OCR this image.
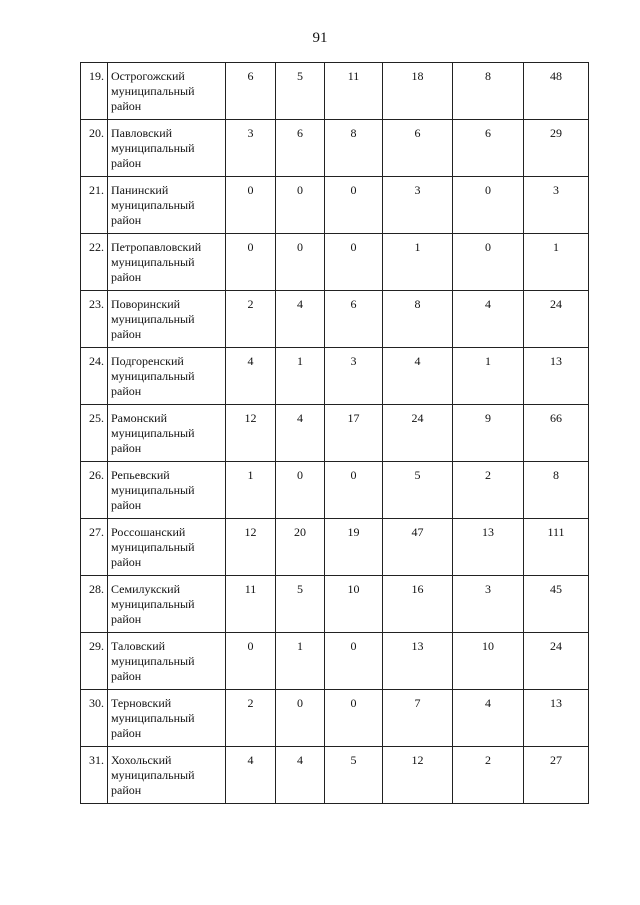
91
19.	Острогожский
муниципальный
район	6	5	11	18	8	48
20.	Павловский
муниципальный
район	3	6	8	6	6	29
21.	Панинский
муниципальный
район	0	0	0	3	0	3
22.	Петропавловский
муниципальный
район	0	0	0	1	0	1
23.	Поворинский
муниципальный
район	2	4	6	8	4	24
24.	Подгоренский
муниципальный
район	4	1	3	4	1	13
25.	Рамонский
муниципальный
район	12	4	17	24	9	66
26.	Репьевский
муниципальный
район	1	0	0	5	2	8
27.	Россошанский
муниципальный
район	12	20	19	47	13	111
28.	Семилукский
муниципальный
район	11	5	10	16	3	45
29.	Таловский
муниципальный
район	0	1	0	13	10	24
30.	Терновский
муниципальный
район	2	0	0	7	4	13
31.	Хохольский
муниципальный
район	4	4	5	12	2	27
